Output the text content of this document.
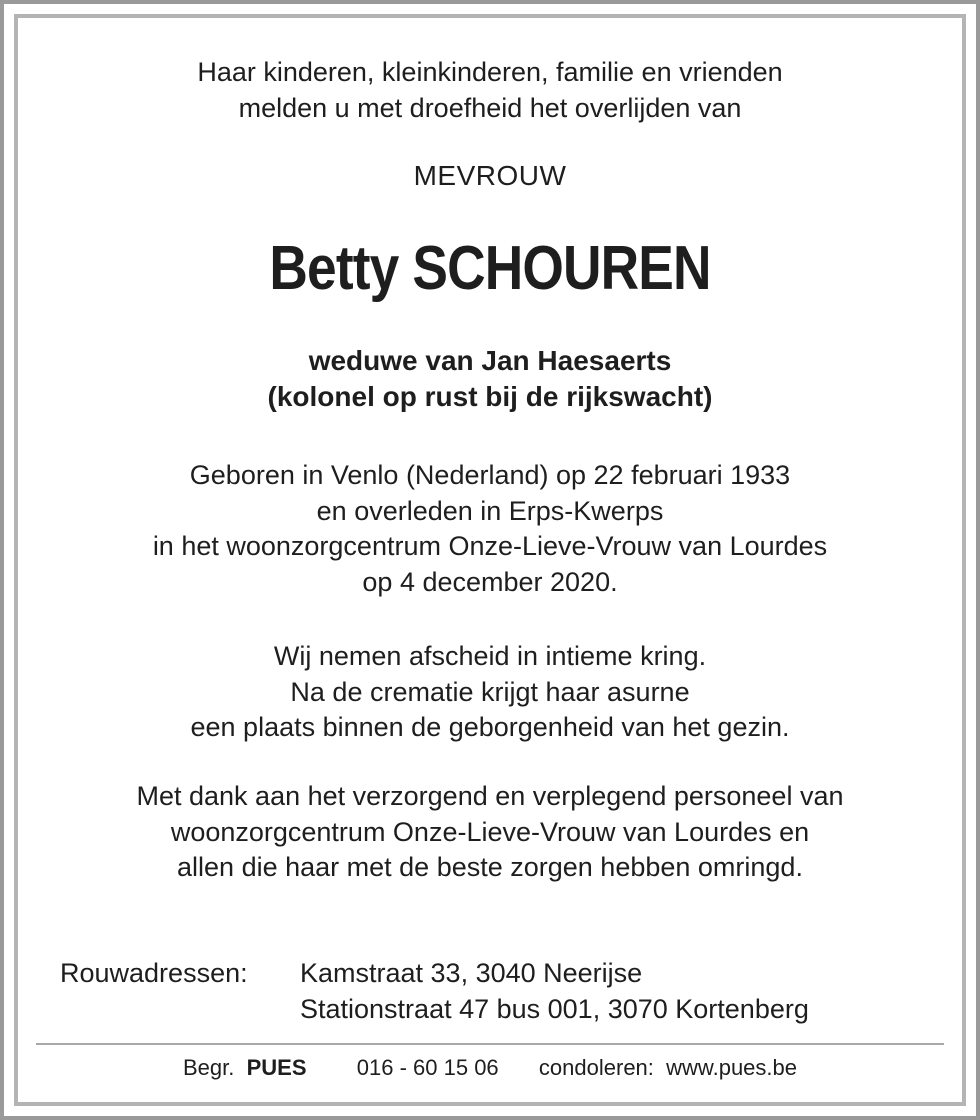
Haar kinderen, kleinkinderen, familie en vrienden
melden u met droefheid het overlijden van
MEVROUW
Betty SCHOUREN
weduwe van Jan Haesaerts
(kolonel op rust bij de rijkswacht)
Geboren in Venlo (Nederland) op 22 februari 1933
en overleden in Erps-Kwerps
in het woonzorgcentrum Onze-Lieve-Vrouw van Lourdes
op 4 december 2020.
Wij nemen afscheid in intieme kring.
Na de crematie krijgt haar asurne
een plaats binnen de geborgenheid van het gezin.
Met dank aan het verzorgend en verplegend personeel van
woonzorgcentrum Onze-Lieve-Vrouw van Lourdes en
allen die haar met de beste zorgen hebben omringd.
Rouwadressen: Kamstraat 33, 3040 Neerijse
Stationstraat 47 bus 001, 3070 Kortenberg
Begr.  PUES 016 - 60 15 06 condoleren:  www.pues.be
